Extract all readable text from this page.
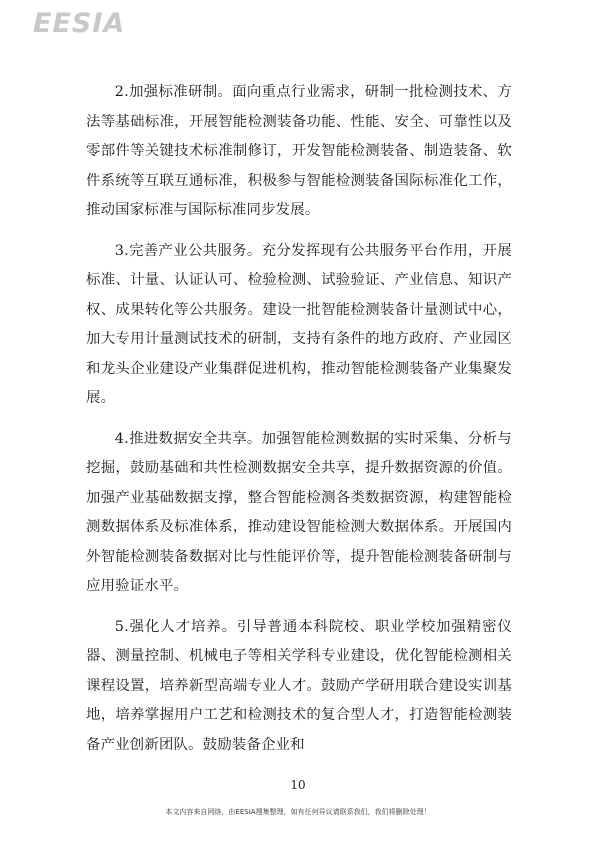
EESIA

2.加强标准研制。面向重点行业需求，研制一批检测技术、方法等基础标准，开展智能检测装备功能、性能、安全、可靠性以及零部件等关键技术标准制修订，开发智能检测装备、制造装备、软件系统等互联互通标准，积极参与智能检测装备国际标准化工作，推动国家标准与国际标准同步发展。

3.完善产业公共服务。充分发挥现有公共服务平台作用，开展标准、计量、认证认可、检验检测、试验验证、产业信息、知识产权、成果转化等公共服务。建设一批智能检测装备计量测试中心，加大专用计量测试技术的研制，支持有条件的地方政府、产业园区和龙头企业建设产业集群促进机构，推动智能检测装备产业集聚发展。

4.推进数据安全共享。加强智能检测数据的实时采集、分析与挖掘，鼓励基础和共性检测数据安全共享，提升数据资源的价值。加强产业基础数据支撑，整合智能检测各类数据资源，构建智能检测数据体系及标准体系，推动建设智能检测大数据体系。开展国内外智能检测装备数据对比与性能评价等，提升智能检测装备研制与应用验证水平。

5.强化人才培养。引导普通本科院校、职业学校加强精密仪器、测量控制、机械电子等相关学科专业建设，优化智能检测相关课程设置，培养新型高端专业人才。鼓励产学研用联合建设实训基地，培养掌握用户工艺和检测技术的复合型人才，打造智能检测装备产业创新团队。鼓励装备企业和

10
本文内容来自网络，由EESIA搜集整理，如有任何异议请联系我们，我们将删除处理！
